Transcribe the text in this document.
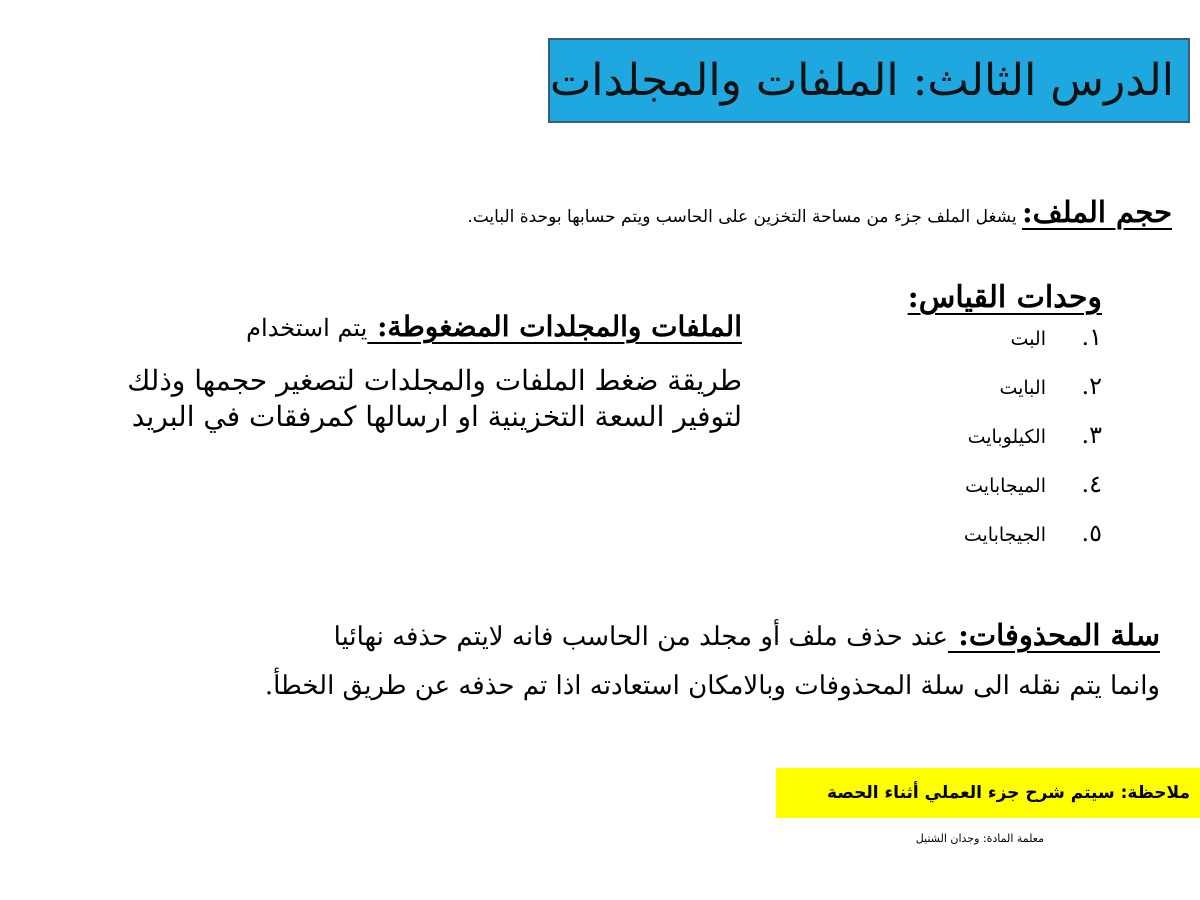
الدرس الثالث: الملفات والمجلدات
حجم الملف: يشغل الملف جزء من مساحة التخزين على الحاسب ويتم حسابها بوحدة البايت.
وحدات القياس:
١.
البت
٢.
البايت
٣.
الكيلوبايت
٤.
الميجابايت
٥.
الجيجابايت
الملفات والمجلدات المضغوطة: يتم استخدام
طريقة ضغط الملفات والمجلدات لتصغير حجمها وذلك لتوفير السعة التخزينية او ارسالها كمرفقات في البريد
سلة المحذوفات: عند حذف ملف أو مجلد من الحاسب فانه لايتم حذفه نهائيا
وانما يتم نقله الى سلة المحذوفات وبالامكان استعادته اذا تم حذفه عن طريق الخطأ.
ملاحظة: سيتم شرح جزء العملي أثناء الحصة
معلمة المادة: وجدان الشتيل
